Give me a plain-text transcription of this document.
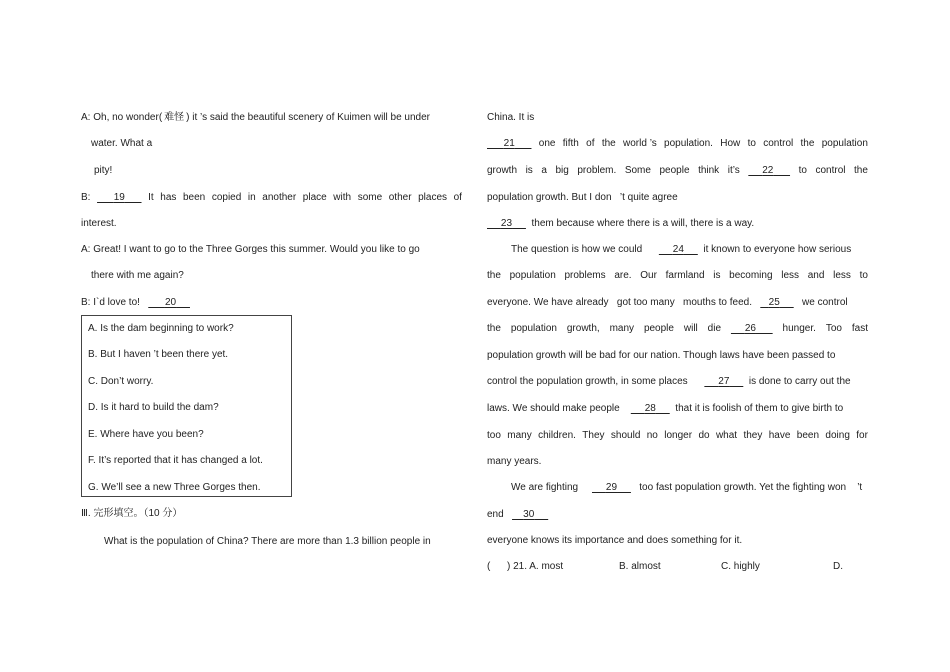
A: Oh, no wonder( 难怪 ) it ’s said the beautiful scenery of Kuimen will be under
water. What a
pity!
B:	19	It has been copied in another place with some other places of
interest.
A: Great! I want to go to the Three Gorges this summer. Would you like to go
there with me again?
B: I`d love to!	20
A. Is the dam beginning to work?
B. But I haven ’t been there yet.
C. Don’t worry.
D. Is it hard to build the dam?
E. Where have you been?
F. It’s reported that it has changed a lot.
G. We’ll see a new Three Gorges then.
Ⅲ. 完形填空。（10 分）
What is the population of China? There are more than 1.3 billion people in
China. It is
21	one fifth of the world ’s population. How to control the population
growth is a big problem. Some people think it’s	22	to control the
population growth. But I don   ’t quite agree
23 them because where there is a will, there is a way.
The question is how we could	24 it known to everyone how serious
the population problems are. Our farmland is becoming less and less to
everyone. We have already   got too many   mouths to feed. 25 we control
the population growth, many people will die	26	hunger. Too fast
population growth will be bad for our nation. Though laws have been passed to
control the population growth, in some places	27 is done to carry out the
laws. We should make people	28 that it is foolish of them to give birth to
too many children. They should no longer do what they have been doing for
many years.
We are fighting	29 too fast population growth. Yet the fighting won    ’t
end 30
everyone knows its importance and does something for it.
(      ) 21. A. most	B. almost	C. highly	D.
